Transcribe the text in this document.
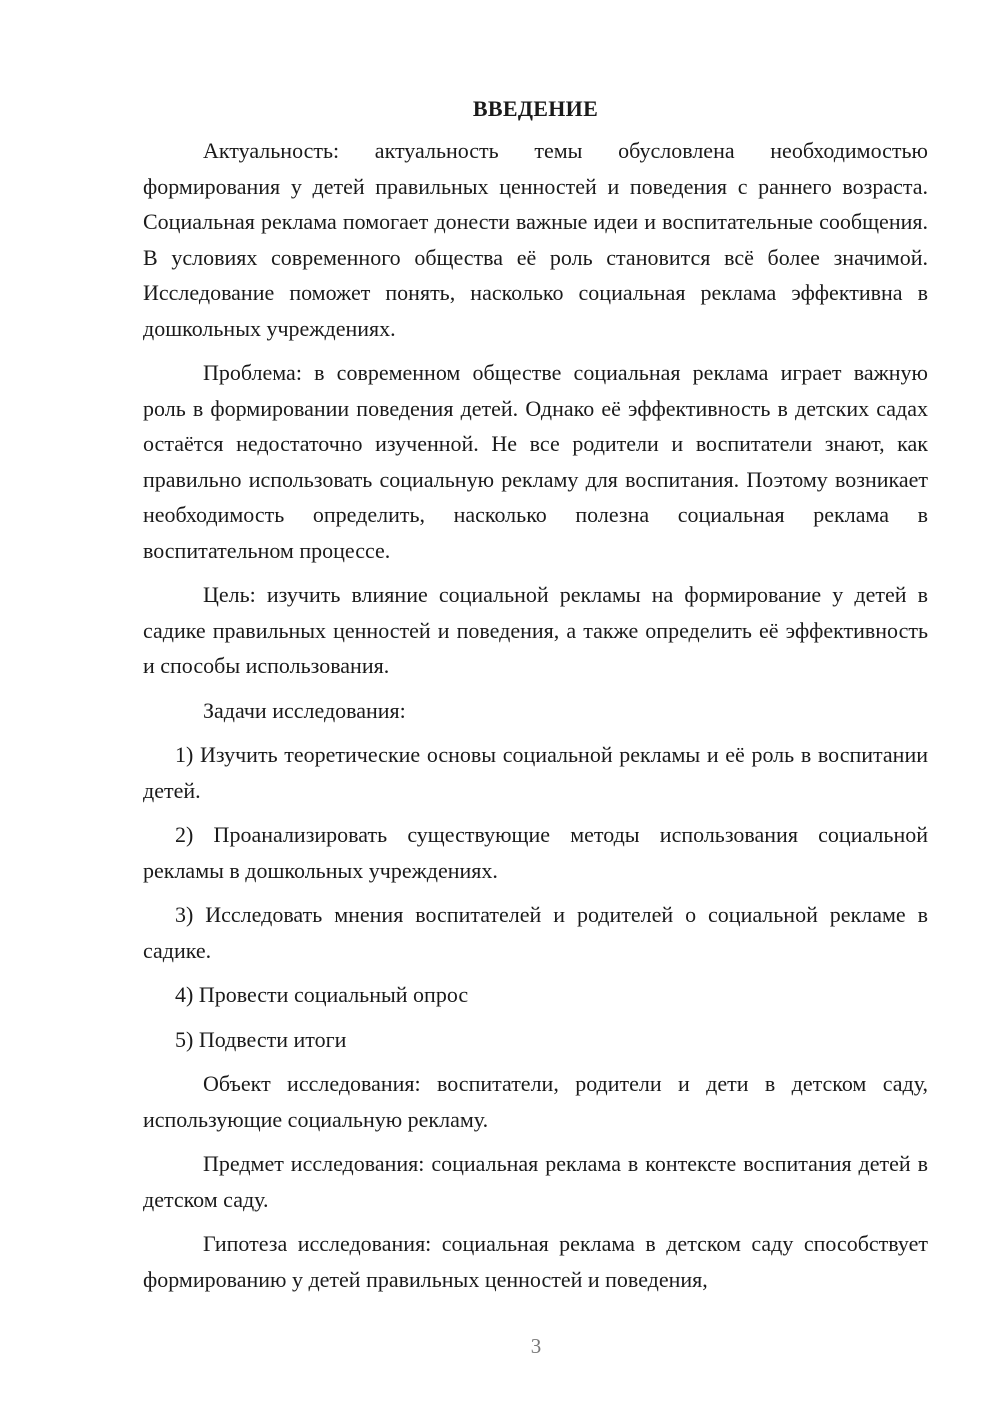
ВВЕДЕНИЕ

Актуальность: актуальность темы обусловлена необходимостью формирования у детей правильных ценностей и поведения с раннего возраста. Социальная реклама помогает донести важные идеи и воспитательные сообщения. В условиях современного общества её роль становится всё более значимой. Исследование поможет понять, насколько социальная реклама эффективна в дошкольных учреждениях.

Проблема: в современном обществе социальная реклама играет важную роль в формировании поведения детей. Однако её эффективность в детских садах остаётся недостаточно изученной. Не все родители и воспитатели знают, как правильно использовать социальную рекламу для воспитания. Поэтому возникает необходимость определить, насколько полезна социальная реклама в воспитательном процессе.

Цель: изучить влияние социальной рекламы на формирование у детей в садике правильных ценностей и поведения, а также определить её эффективность и способы использования.

Задачи исследования:

1) Изучить теоретические основы социальной рекламы и её роль в воспитании детей.

2) Проанализировать существующие методы использования социальной рекламы в дошкольных учреждениях.

3) Исследовать мнения воспитателей и родителей о социальной рекламе в садике.

4) Провести социальный опрос

5) Подвести итоги

Объект исследования: воспитатели, родители и дети в детском саду, использующие социальную рекламу.

Предмет исследования: социальная реклама в контексте воспитания детей в детском саду.

Гипотеза исследования: социальная реклама в детском саду способствует формированию у детей правильных ценностей и поведения,

3
